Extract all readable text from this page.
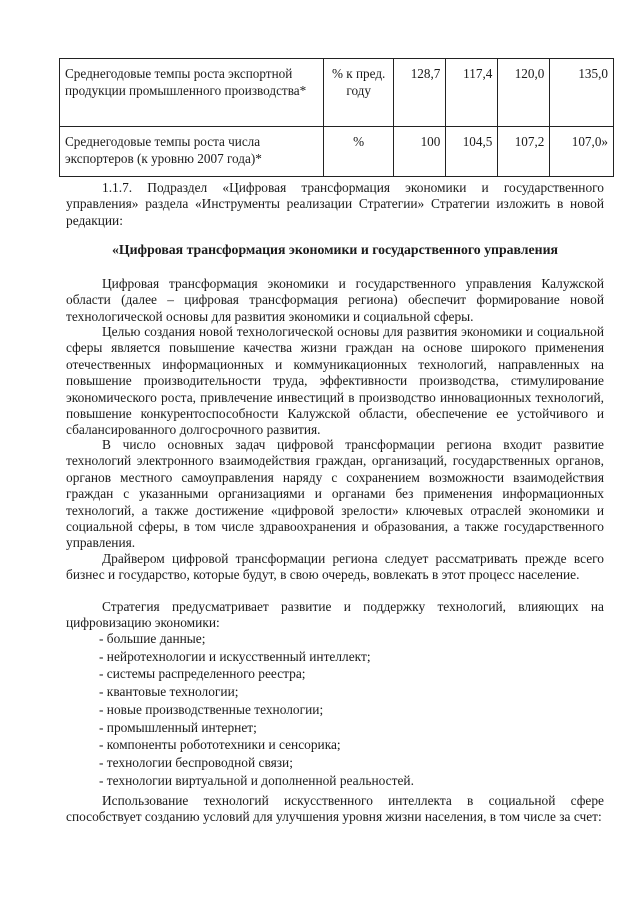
Среднегодовые темпы роста экспортной продукции промышленного производства*	% к пред. году	128,7	117,4	120,0	135,0
Среднегодовые темпы роста числа экспортеров (к уровню 2007 года)*	%	100	104,5	107,2	107,0»

1.1.7. Подраздел «Цифровая трансформация экономики и государственного управления» раздела «Инструменты реализации Стратегии» Стратегии изложить в новой редакции:

«Цифровая трансформация экономики и государственного управления

Цифровая трансформация экономики и государственного управления Калужской области (далее – цифровая трансформация региона) обеспечит формирование новой технологической основы для развития экономики и социальной сферы.

Целью создания новой технологической основы для развития экономики и социальной сферы является повышение качества жизни граждан на основе широкого применения отечественных информационных и коммуникационных технологий, направленных на повышение производительности труда, эффективности производства, стимулирование экономического роста, привлечение инвестиций в производство инновационных технологий, повышение конкурентоспособности Калужской области, обеспечение ее устойчивого и сбалансированного долгосрочного развития.

В число основных задач цифровой трансформации региона входит развитие технологий электронного взаимодействия граждан, организаций, государственных органов, органов местного самоуправления наряду с сохранением возможности взаимодействия граждан с указанными организациями и органами без применения информационных технологий, а также достижение «цифровой зрелости» ключевых отраслей экономики и социальной сферы, в том числе здравоохранения и образования, а также государственного управления.

Драйвером цифровой трансформации региона следует рассматривать прежде всего бизнес и государство, которые будут, в свою очередь, вовлекать в этот процесс население.

Стратегия предусматривает развитие и поддержку технологий, влияющих на цифровизацию экономики:

- большие данные;
- нейротехнологии и искусственный интеллект;
- системы распределенного реестра;
- квантовые технологии;
- новые производственные технологии;
- промышленный интернет;
- компоненты робототехники и сенсорика;
- технологии беспроводной связи;
- технологии виртуальной и дополненной реальностей.

Использование технологий искусственного интеллекта в социальной сфере способствует созданию условий для улучшения уровня жизни населения, в том числе за счет:
